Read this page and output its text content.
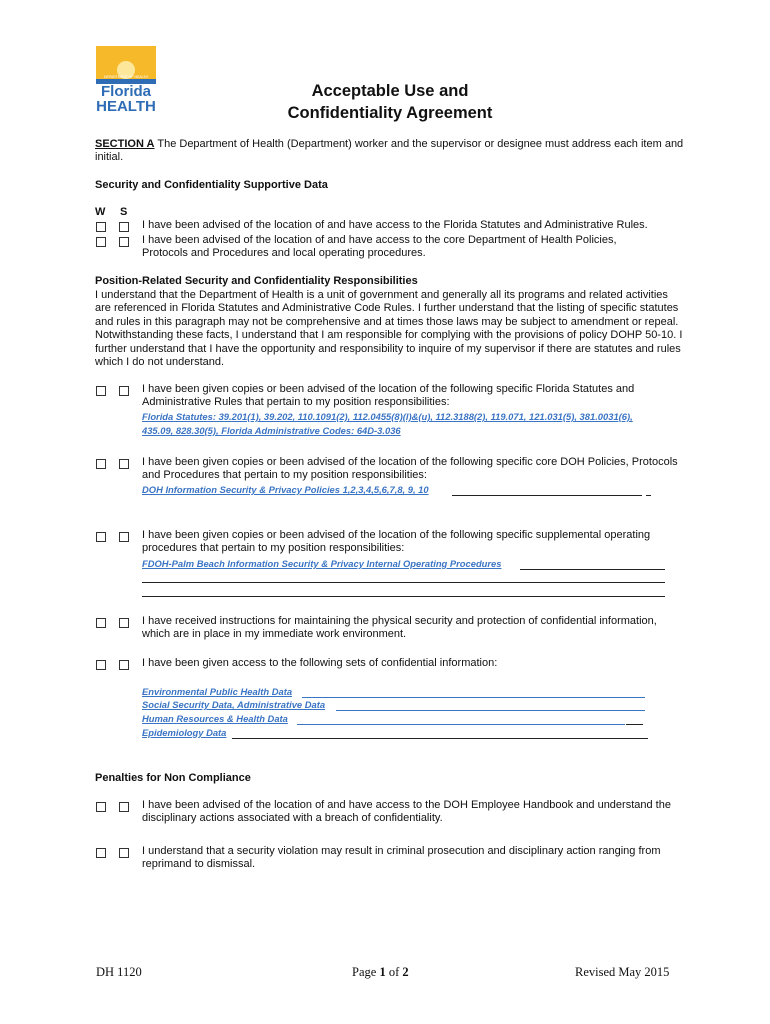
DEPARTMENT OF HEALTH
Florida
HEALTH
Acceptable Use and
Confidentiality Agreement
SECTION A The Department of Health (Department) worker and the supervisor or designee must address each item and initial.
Security and Confidentiality Supportive Data
W S
I have been advised of the location of and have access to the Florida Statutes and Administrative Rules.
I have been advised of the location of and have access to the core Department of Health Policies,
Protocols and Procedures and local operating procedures.
Position-Related Security and Confidentiality Responsibilities
I understand that the Department of Health is a unit of government and generally all its programs and related activities are referenced in Florida Statutes and Administrative Code Rules. I further understand that the listing of specific statutes and rules in this paragraph may not be comprehensive and at times those laws may be subject to amendment or repeal. Notwithstanding these facts, I understand that I am responsible for complying with the provisions of policy DOHP 50-10. I further understand that I have the opportunity and responsibility to inquire of my supervisor if there are statutes and rules which I do not understand.
I have been given copies or been advised of the location of the following specific Florida Statutes and Administrative Rules that pertain to my position responsibilities:
Florida Statutes: 39.201(1), 39.202, 110.1091(2), 112.0455(8)(l)&(u), 112.3188(2), 119.071, 121.031(5), 381.0031(6),
435.09, 828.30(5), Florida Administrative Codes: 64D-3.036
I have been given copies or been advised of the location of the following specific core DOH Policies, Protocols and Procedures that pertain to my position responsibilities:
DOH Information Security & Privacy Policies 1,2,3,4,5,6,7,8, 9, 10
I have been given copies or been advised of the location of the following specific supplemental operating procedures that pertain to my position responsibilities:
FDOH-Palm Beach Information Security & Privacy Internal Operating Procedures
I have received instructions for maintaining the physical security and protection of confidential information, which are in place in my immediate work environment.
I have been given access to the following sets of confidential information:
Environmental Public Health Data
Social Security Data, Administrative Data
Human Resources & Health Data
Epidemiology Data
Penalties for Non Compliance
I have been advised of the location of and have access to the DOH Employee Handbook and understand the disciplinary actions associated with a breach of confidentiality.
I understand that a security violation may result in criminal prosecution and disciplinary action ranging from reprimand to dismissal.
DH 1120	Page 1 of 2	Revised May 2015
